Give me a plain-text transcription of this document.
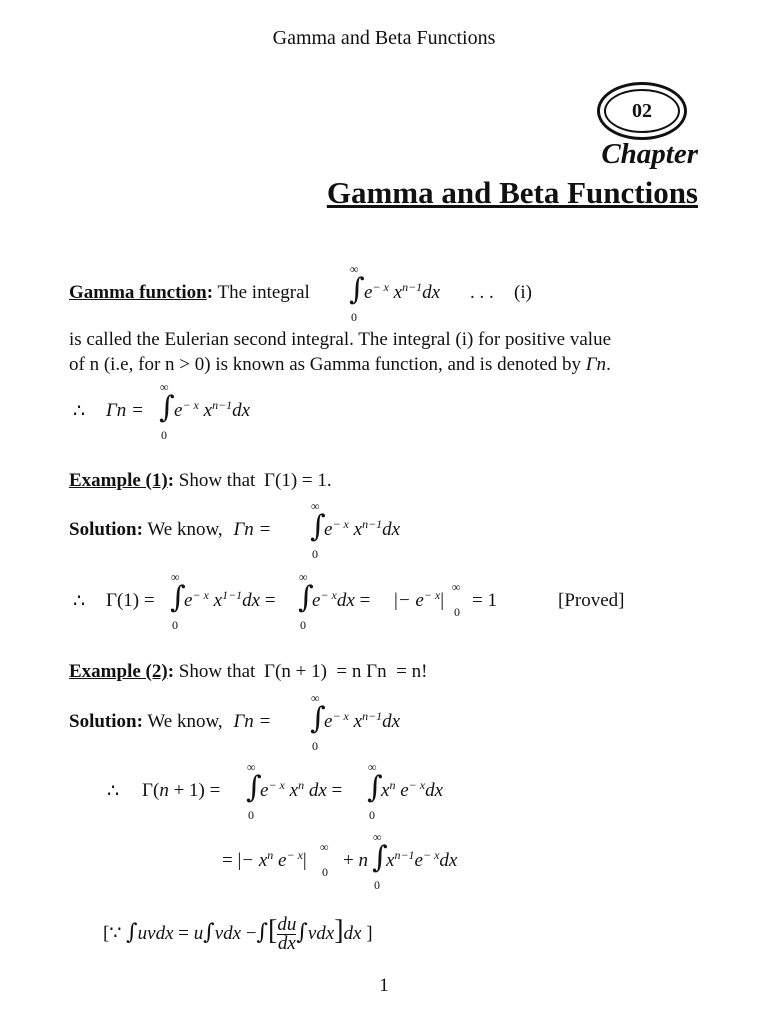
Gamma and Beta Functions
02
Chapter
Gamma and Beta Functions
Gamma function: The integral
∞
∫
0
$e^{- x}$ $x^{n-1}dx$ . . . (i)
is called the Eulerian second integral. The integral (i) for positive value
of n (i.e, for n > 0) is known as Gamma function, and is denoted by Γn.
∴ Γn =
∞
∫
0
$e^{- x}$ $x^{n-1}dx$
Example (1): Show that Γ(1) = 1.
Solution: We know, Γn =
∞
∫
0
$e^{- x}$ $x^{n-1}dx$
∴ Γ(1) =
∞
∫
0
$e^{- x}$ $x^{1-1}dx$ =
∞
∫
0
$e^{- x}dx$ = |− $e^{- x}|$
∞
0
= 1	[Proved]
Example (2): Show that Γ(n + 1)  = n Γn  = n!
Solution: We know, Γn =
∞
∫
0
$e^{- x}$ $x^{n-1}dx$
∴ Γ(n + 1) =
∞
∫
0
$e^{- x}$ $x^n$ dx =
∞
∫
0
$x^n$ $e^{- x}dx$
= |− $x^n$ $e^{- x}|$
∞
0
+ n
∞
∫
0
$x^{n-1}e^{- x}dx$
[∵ ∫uvdx = u∫vdx −∫[ $\frac{du}{dx} \int vdx]dx$ ]
1
